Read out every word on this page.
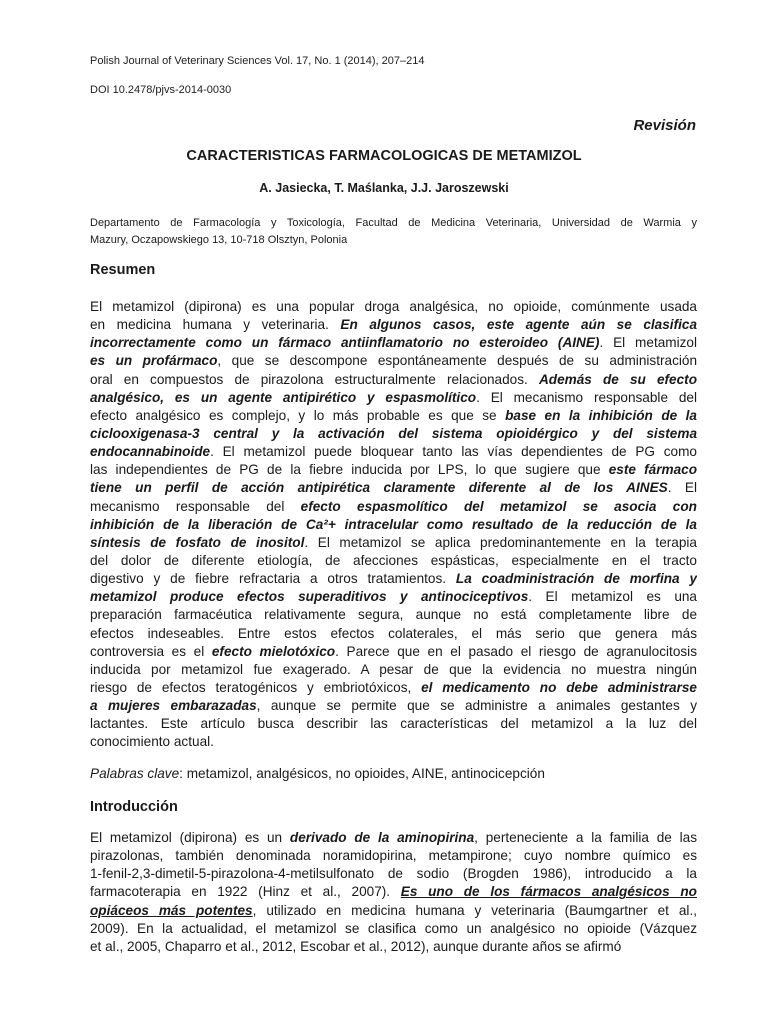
Polish Journal of Veterinary Sciences Vol. 17, No. 1 (2014), 207–214
DOI 10.2478/pjvs-2014-0030
Revisión
CARACTERISTICAS FARMACOLOGICAS DE METAMIZOL
A. Jasiecka, T. Maślanka, J.J. Jaroszewski
Departamento de Farmacología y Toxicología, Facultad de Medicina Veterinaria, Universidad de Warmia y
Mazury, Oczapowskiego 13, 10-718 Olsztyn, Polonia
Resumen
El metamizol (dipirona) es una popular droga analgésica, no opioide, comúnmente usada
en medicina humana y veterinaria. En algunos casos, este agente aún se clasifica
incorrectamente como un fármaco antiinflamatorio no esteroideo (AINE). El metamizol
es un profármaco, que se descompone espontáneamente después de su administración
oral en compuestos de pirazolona estructuralmente relacionados. Además de su efecto
analgésico, es un agente antipirético y espasmolítico. El mecanismo responsable del
efecto analgésico es complejo, y lo más probable es que se base en la inhibición de la
ciclooxigenasa-3 central y la activación del sistema opioidérgico y del sistema
endocannabinoide. El metamizol puede bloquear tanto las vías dependientes de PG como
las independientes de PG de la fiebre inducida por LPS, lo que sugiere que este fármaco
tiene un perfil de acción antipirética claramente diferente al de los AINES. El
mecanismo responsable del efecto espasmolítico del metamizol se asocia con
inhibición de la liberación de Ca²+ intracelular como resultado de la reducción de la
síntesis de fosfato de inositol. El metamizol se aplica predominantemente en la terapia
del dolor de diferente etiología, de afecciones espásticas, especialmente en el tracto
digestivo y de fiebre refractaria a otros tratamientos. La coadministración de morfina y
metamizol produce efectos superaditivos y antinociceptivos. El metamizol es una
preparación farmacéutica relativamente segura, aunque no está completamente libre de
efectos indeseables. Entre estos efectos colaterales, el más serio que genera más
controversia es el efecto mielotóxico. Parece que en el pasado el riesgo de agranulocitosis
inducida por metamizol fue exagerado. A pesar de que la evidencia no muestra ningún
riesgo de efectos teratogénicos y embriotóxicos, el medicamento no debe administrarse
a mujeres embarazadas, aunque se permite que se administre a animales gestantes y
lactantes. Este artículo busca describir las características del metamizol a la luz del
conocimiento actual.
Palabras clave: metamizol, analgésicos, no opioides, AINE, antinocicepción
Introducción
El metamizol (dipirona) es un derivado de la aminopirina, perteneciente a la familia de las
pirazolonas, también denominada noramidopirina, metampirone; cuyo nombre químico es
1-fenil-2,3-dimetil-5-pirazolona-4-metilsulfonato de sodio (Brogden 1986), introducido a la
farmacoterapia en 1922 (Hinz et al., 2007). Es uno de los fármacos analgésicos no
opiáceos más potentes, utilizado en medicina humana y veterinaria (Baumgartner et al.,
2009). En la actualidad, el metamizol se clasifica como un analgésico no opioide (Vázquez
et al., 2005, Chaparro et al., 2012, Escobar et al., 2012), aunque durante años se afirmó
